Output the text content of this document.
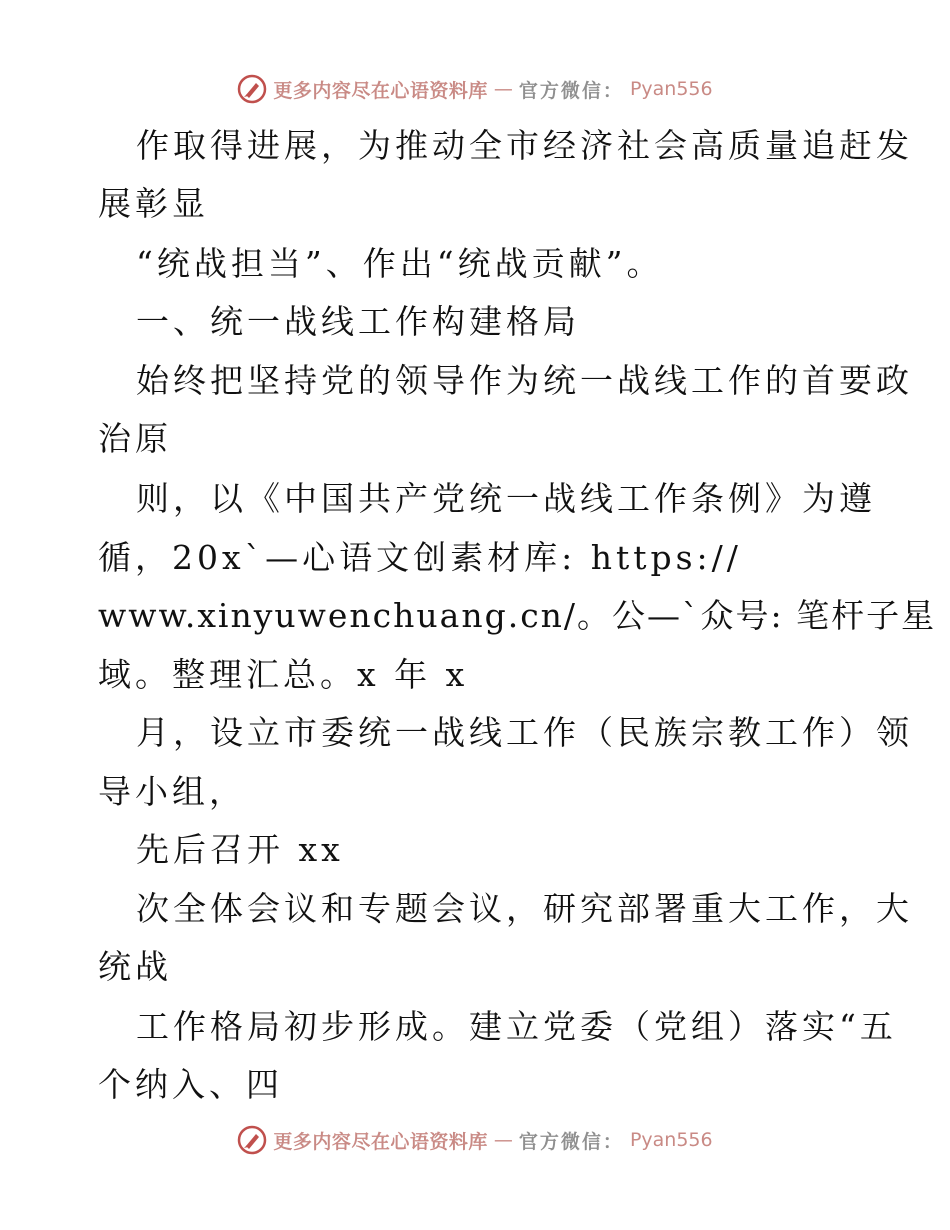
更多内容尽在心语资料库 — 官方微信： Pyan556
作取得进展，为推动全市经济社会高质量追赶发
展彰显
“统战担当”、作出“统战贡献”。
一、统一战线工作构建格局
始终把坚持党的领导作为统一战线工作的首要政
治原
则，以《中国共产党统一战线工作条例》为遵
循，20x`—心语文创素材库: https://
www.xinyuwenchuang.cn/。公—`众号: 笔杆子星
域。整理汇总。x 年 x
月，设立市委统一战线工作（民族宗教工作）领
导小组，
先后召开 xx
次全体会议和专题会议，研究部署重大工作，大
统战
工作格局初步形成。建立党委（党组）落实“五
个纳入、四
更多内容尽在心语资料库 — 官方微信： Pyan556
